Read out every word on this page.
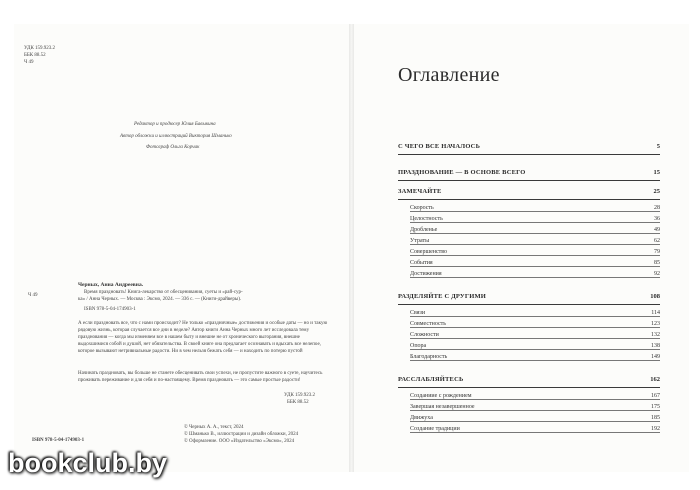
УДК 159.923.2
ББК 88.52
Ч 49
Редактор и продюсер Юлия Бавыкина
Автор обложки и иллюстраций Виктория Шманько
Фотограф Ольга Корчак
Ч 49
Черных, Анна Андреевна.
Время праздновать! Книга-лекарство от обесценивания, суеты и «рай-сур-
ка» / Анна Черных. — Москва : Эксмо, 2024. — 336 с. — (Книги-драйверы).
ISBN 978-5-04-174903-1
А если праздновать все, что с нами происходит? Не только «праздничные» достижения и особые даты — но и такую рядовую жизнь, которая случается все дни в неделе? Автор книги Анна Черных много лет исследовала тему празднования — когда мы изменяем все в нашем быту и внешне не от хронического выгорания, внешне выдохшимися собой и душой, нет обязательства. В своей книге она предлагает осознавать и вдыхать все нелепое, которое вызывают нетривиальные радости. Ни в чем нельзя бежать себя — и находить по потерю пустой
Начинать праздновать, вы больше не станете обесценивать свои успехи, не пропустите важного в суете, научитесь проживать переживание и для себя и по-настоящему. Время праздновать — это самые простые радости!
УДК 159.923.2
ББК 88.52
ISBN 978-5-04-174903-1
© Черных А. А., текст, 2024
© Шманько В., иллюстрации и дизайн обложки, 2024
© Оформление. ООО «Издательство «Эксмо», 2024
Оглавление
С ЧЕГО ВСЕ НАЧАЛОСЬ	5
ПРАЗДНОВАНИЕ — В ОСНОВЕ ВСЕГО	15
ЗАМЕЧАЙТЕ	25
Скорость	28
Целостность	36
Дробленье	49
Утраты	62
Совершенство	79
События	85
Достижения	92
РАЗДЕЛЯЙТЕ С ДРУГИМИ	108
Связи	114
Совместность	123
Сложности	132
Опора	138
Благодарность	149
РАССЛАБЛЯЙТЕСЬ	162
Созданиие с рождением	167
Завершая незавершенное	175
Движуха	185
Создание традиции	192
bookclub.by
